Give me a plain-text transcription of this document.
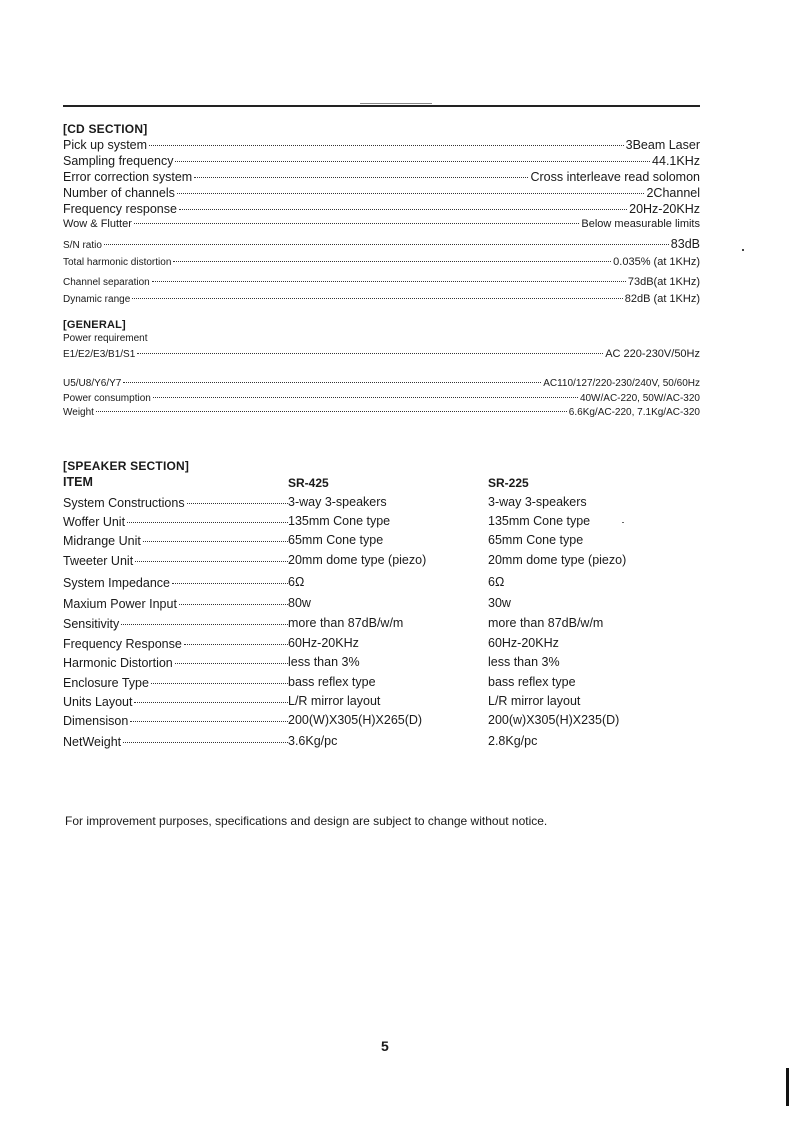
[CD SECTION]
Pick up system	3Beam Laser
Sampling frequency	44.1KHz
Error correction system	Cross interleave read solomon
Number of channels	2Channel
Frequency response	20Hz-20KHz
Wow & Flutter	Below measurable limits
S/N ratio	83dB
Total harmonic distortion	0.035% (at 1KHz)
Channel separation	73dB(at 1KHz)
Dynamic range	82dB (at 1KHz)
[GENERAL]
Power requirement
E1/E2/E3/B1/S1	AC 220-230V/50Hz
U5/U8/Y6/Y7	AC110/127/220-230/240V, 50/60Hz
Power consumption	40W/AC-220, 50W/AC-320
Weight	6.6Kg/AC-220, 7.1Kg/AC-320
[SPEAKER SECTION]
ITEM	SR-425	SR-225
System Constructions	3-way 3-speakers	3-way 3-speakers
Woffer Unit	135mm Cone type	135mm Cone type
Midrange Unit	65mm Cone type	65mm Cone type
Tweeter Unit	20mm dome type (piezo)	20mm dome type (piezo)
System Impedance	6Ω	6Ω
Maxium Power Input	80w	30w
Sensitivity	more than 87dB/w/m	more than 87dB/w/m
Frequency Response	60Hz-20KHz	60Hz-20KHz
Harmonic Distortion	less than 3%	less than 3%
Enclosure Type	bass reflex type	bass reflex type
Units Layout	L/R mirror layout	L/R mirror layout
Dimensison	200(W)X305(H)X265(D)	200(w)X305(H)X235(D)
NetWeight	3.6Kg/pc	2.8Kg/pc
For improvement purposes, specifications and design are subject to change without notice.
5
